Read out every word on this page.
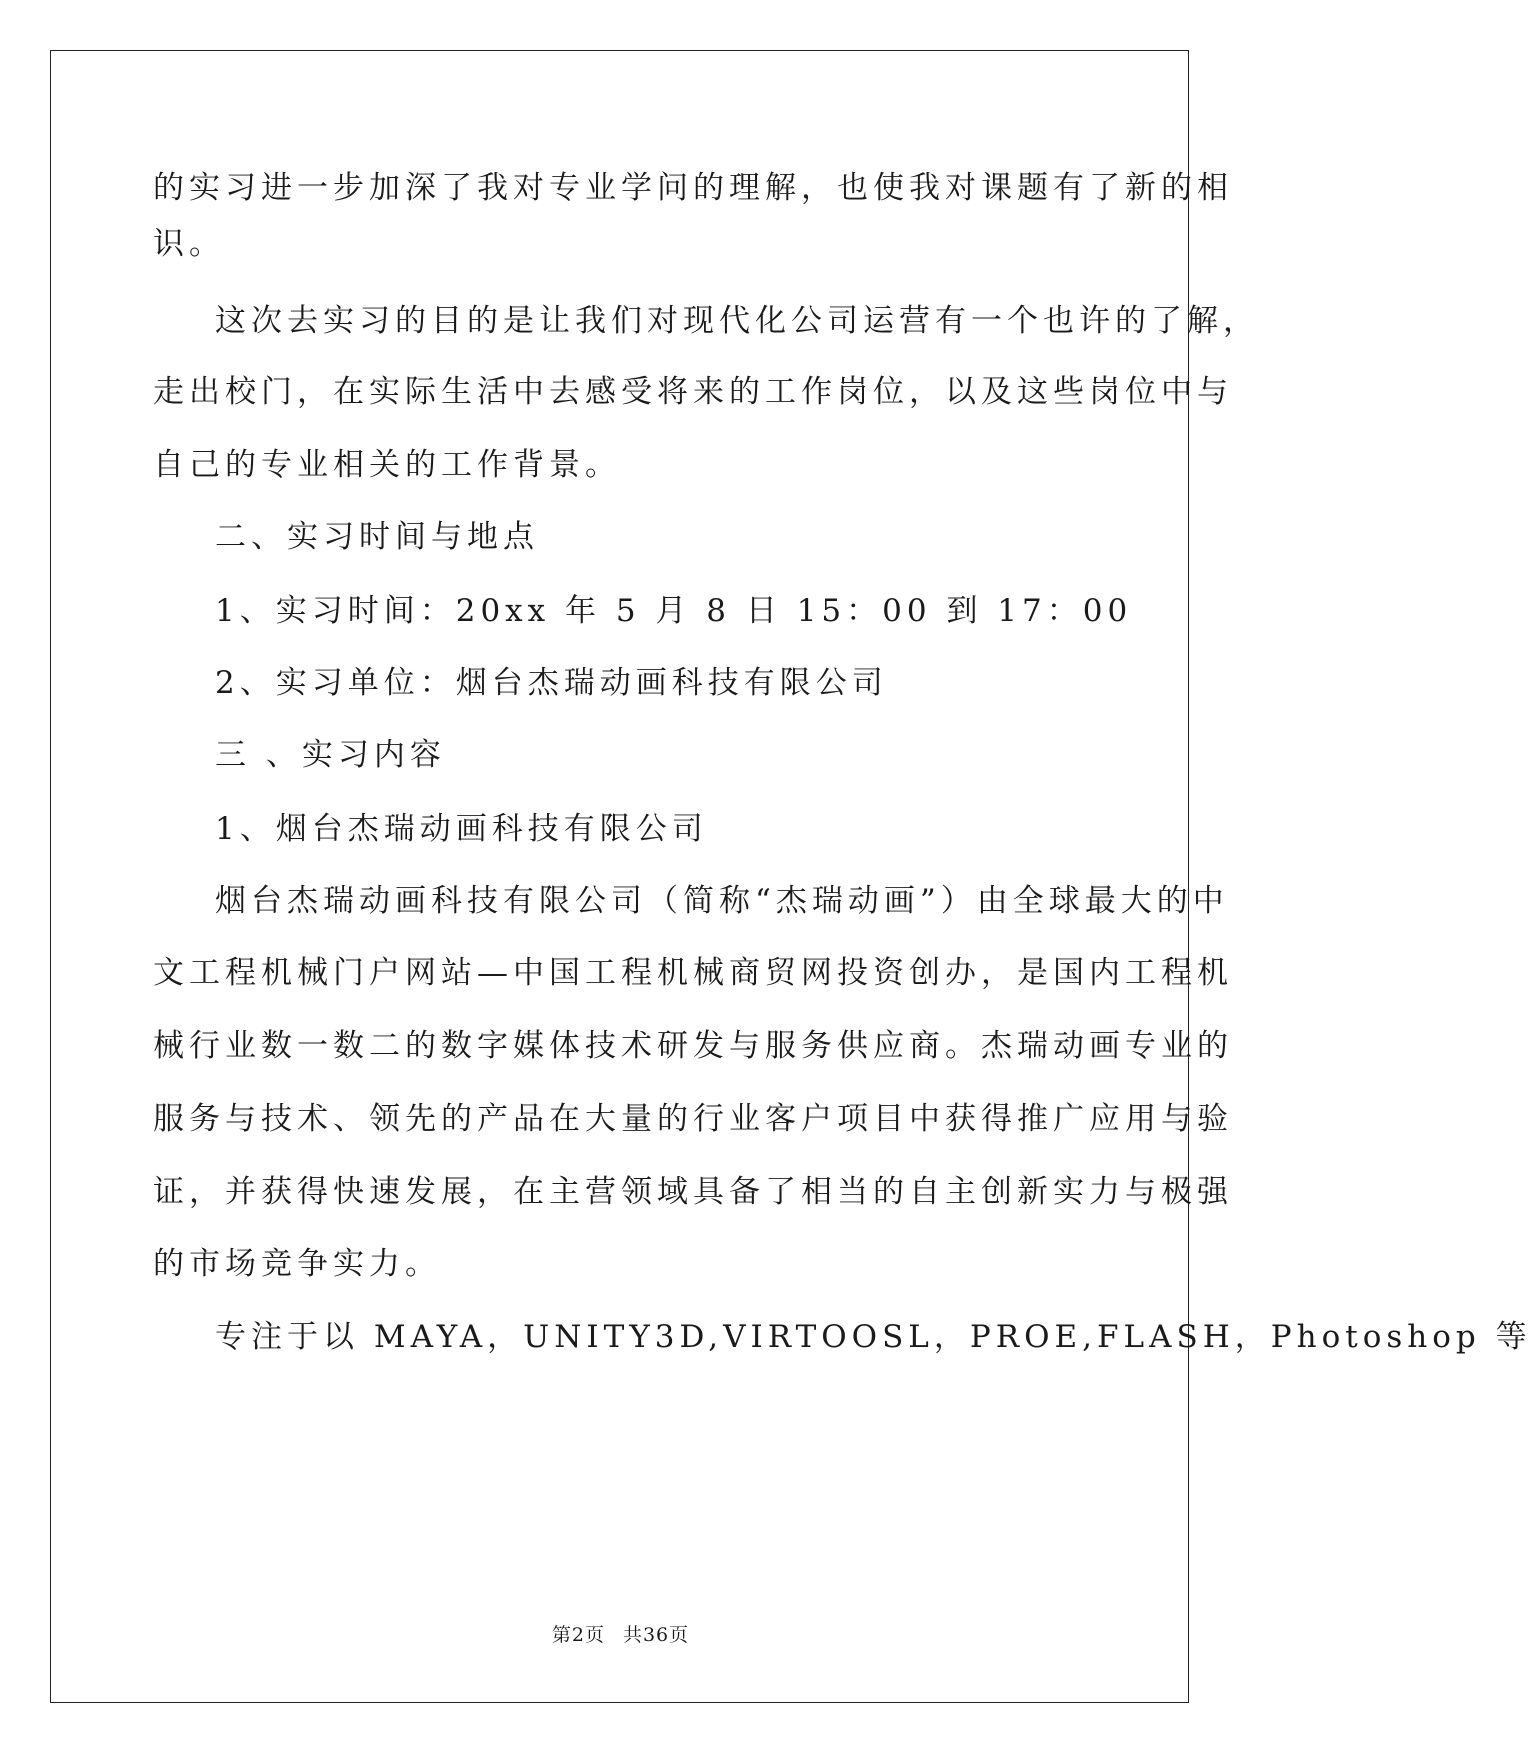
的实习进一步加深了我对专业学问的理解，也使我对课题有了新的相
识。
这次去实习的目的是让我们对现代化公司运营有一个也许的了解，
走出校门，在实际生活中去感受将来的工作岗位，以及这些岗位中与
自己的专业相关的工作背景。
二、实习时间与地点
1、实习时间：20xx 年 5 月 8 日 15：00 到 17：00
2、实习单位：烟台杰瑞动画科技有限公司
三 、实习内容
1、烟台杰瑞动画科技有限公司
烟台杰瑞动画科技有限公司（简称“杰瑞动画”）由全球最大的中
文工程机械门户网站—中国工程机械商贸网投资创办，是国内工程机
械行业数一数二的数字媒体技术研发与服务供应商。杰瑞动画专业的
服务与技术、领先的产品在大量的行业客户项目中获得推广应用与验
证，并获得快速发展，在主营领域具备了相当的自主创新实力与极强
的市场竞争实力。
专注于以 MAYA，UNITY3D,VIRTOOSL，PROE,FLASH，Photoshop 等
第2页 共36页
